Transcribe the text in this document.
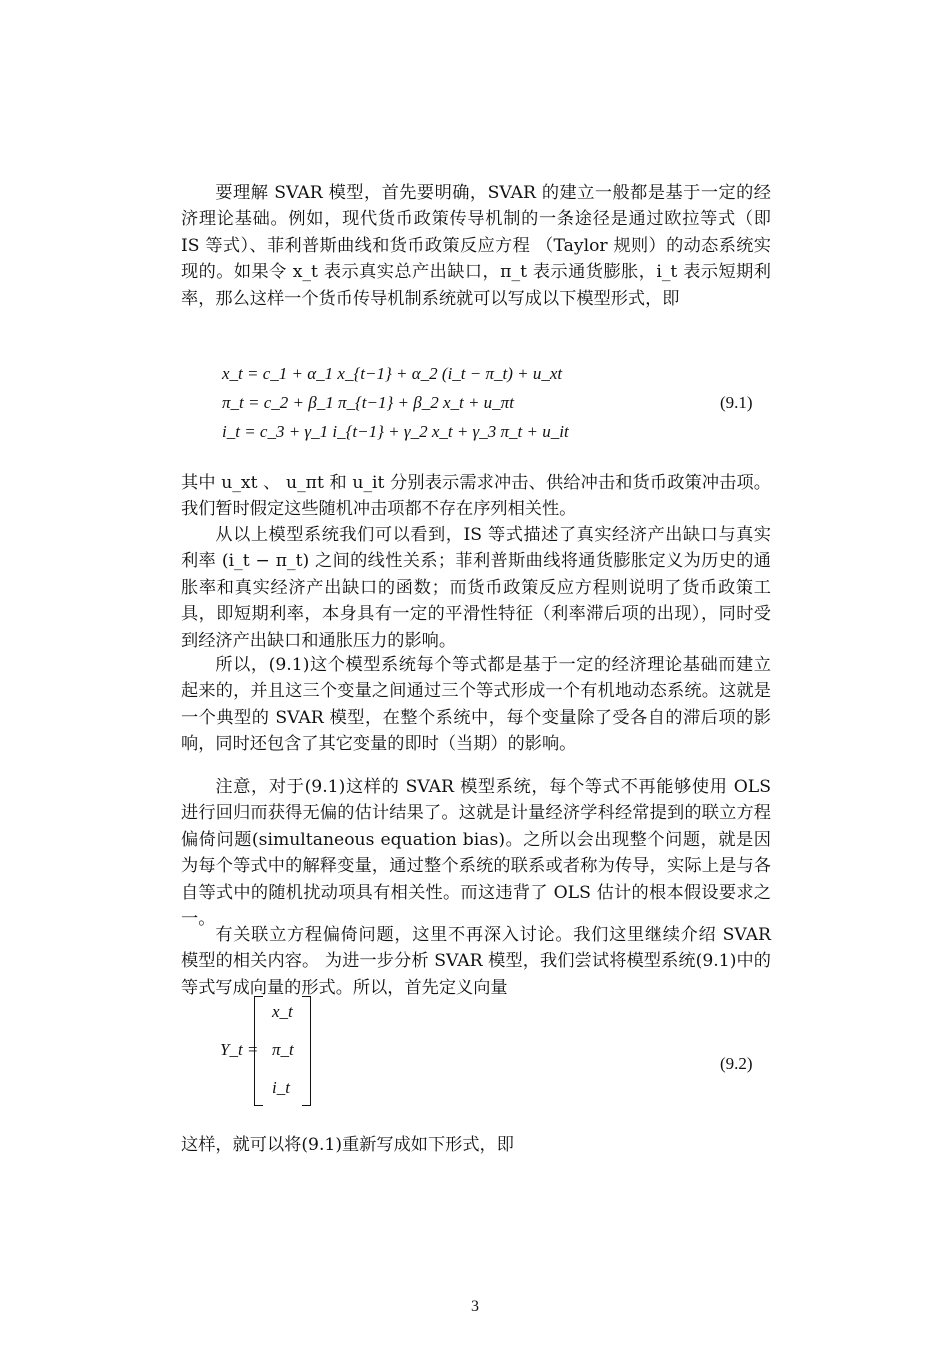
要理解 SVAR 模型，首先要明确，SVAR 的建立一般都是基于一定的经济理论基础。例如，现代货币政策传导机制的一条途径是通过欧拉等式（即 IS 等式）、菲利普斯曲线和货币政策反应方程 （Taylor 规则）的动态系统实现的。如果令 x_t 表示真实总产出缺口，π_t 表示通货膨胀，i_t 表示短期利率，那么这样一个货币传导机制系统就可以写成以下模型形式，即
x_t = c_1 + α_1 x_{t−1} + α_2 (i_t − π_t) + u_xt
π_t = c_2 + β_1 π_{t−1} + β_2 x_t + u_πt
i_t = c_3 + γ_1 i_{t−1} + γ_2 x_t + γ_3 π_t + u_it
(9.1)
其中 u_xt 、 u_πt 和 u_it 分别表示需求冲击、供给冲击和货币政策冲击项。我们暂时假定这些随机冲击项都不存在序列相关性。
从以上模型系统我们可以看到，IS 等式描述了真实经济产出缺口与真实利率 (i_t − π_t) 之间的线性关系；菲利普斯曲线将通货膨胀定义为历史的通胀率和真实经济产出缺口的函数；而货币政策反应方程则说明了货币政策工具，即短期利率，本身具有一定的平滑性特征（利率滞后项的出现），同时受到经济产出缺口和通胀压力的影响。
所以，(9.1)这个模型系统每个等式都是基于一定的经济理论基础而建立起来的，并且这三个变量之间通过三个等式形成一个有机地动态系统。这就是一个典型的 SVAR 模型，在整个系统中，每个变量除了受各自的滞后项的影响，同时还包含了其它变量的即时（当期）的影响。
注意，对于(9.1)这样的 SVAR 模型系统，每个等式不再能够使用 OLS 进行回归而获得无偏的估计结果了。这就是计量经济学科经常提到的联立方程偏倚问题(simultaneous equation bias)。之所以会出现整个问题，就是因为每个等式中的解释变量，通过整个系统的联系或者称为传导，实际上是与各自等式中的随机扰动项具有相关性。而这违背了 OLS 估计的根本假设要求之一。
有关联立方程偏倚问题，这里不再深入讨论。我们这里继续介绍 SVAR 模型的相关内容。 为进一步分析 SVAR 模型，我们尝试将模型系统(9.1)中的等式写成向量的形式。所以，首先定义向量
Y_t =
x_t
π_t
i_t
(9.2)
这样，就可以将(9.1)重新写成如下形式，即
3
